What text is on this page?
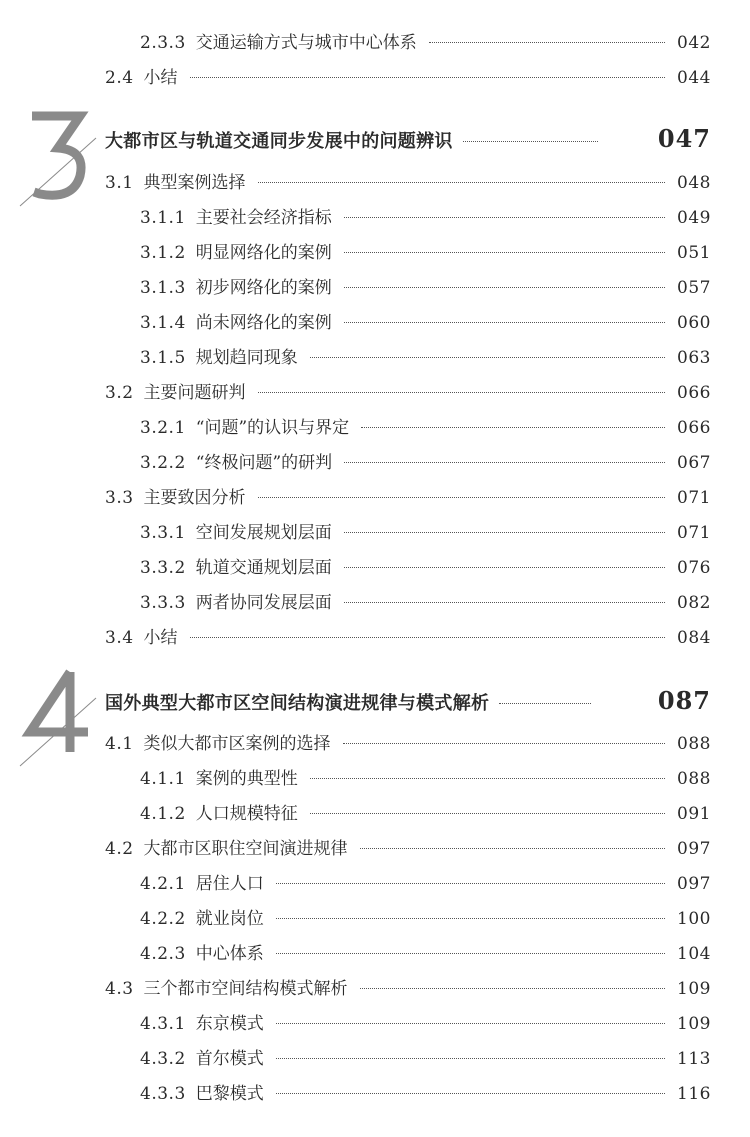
大都市区与轨道交通同步发展中的问题辨识	047
国外典型大都市区空间结构演进规律与模式解析	087
2.3.3 交通运输方式与城市中心体系	042
2.4 小结	044
3.1 典型案例选择	048
3.1.1 主要社会经济指标	049
3.1.2 明显网络化的案例	051
3.1.3 初步网络化的案例	057
3.1.4 尚未网络化的案例	060
3.1.5 规划趋同现象	063
3.2 主要问题研判	066
3.2.1 “问题”的认识与界定	066
3.2.2 “终极问题”的研判	067
3.3 主要致因分析	071
3.3.1 空间发展规划层面	071
3.3.2 轨道交通规划层面	076
3.3.3 两者协同发展层面	082
3.4 小结	084
4.1 类似大都市区案例的选择	088
4.1.1 案例的典型性	088
4.1.2 人口规模特征	091
4.2 大都市区职住空间演进规律	097
4.2.1 居住人口	097
4.2.2 就业岗位	100
4.2.3 中心体系	104
4.3 三个都市空间结构模式解析	109
4.3.1 东京模式	109
4.3.2 首尔模式	113
4.3.3 巴黎模式	116
